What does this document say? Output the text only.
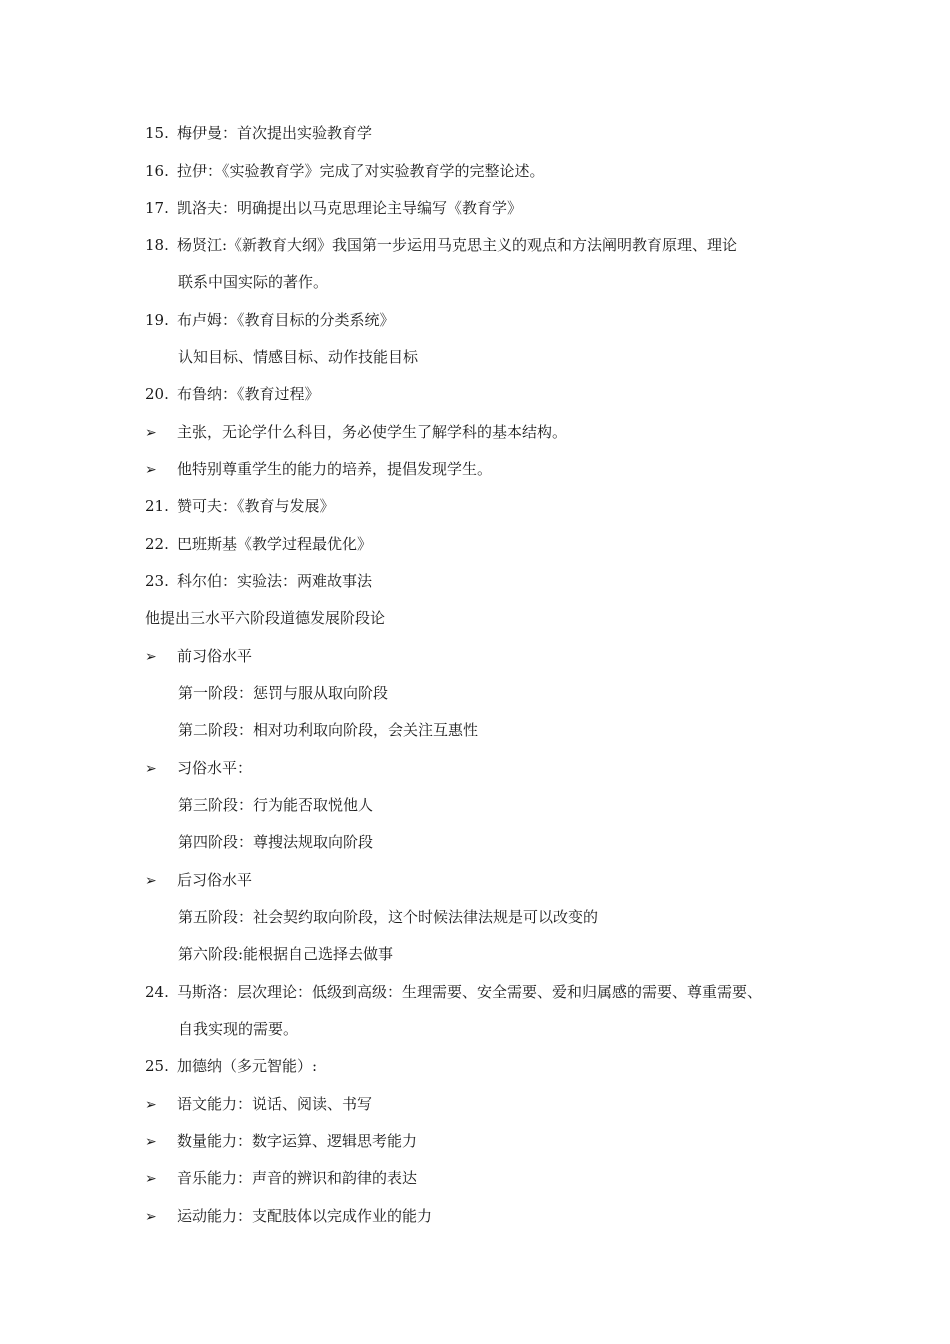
15. 梅伊曼：首次提出实验教育学
16. 拉伊：《实验教育学》完成了对实验教育学的完整论述。
17. 凯洛夫：明确提出以马克思理论主导编写《教育学》
18. 杨贤江:《新教育大纲》我国第一步运用马克思主义的观点和方法阐明教育原理、理论
联系中国实际的著作。
19. 布卢姆：《教育目标的分类系统》
认知目标、情感目标、动作技能目标
20. 布鲁纳：《教育过程》
➢ 主张，无论学什么科目，务必使学生了解学科的基本结构。
➢ 他特别尊重学生的能力的培养，提倡发现学生。
21. 赞可夫：《教育与发展》
22. 巴班斯基《教学过程最优化》
23. 科尔伯：实验法：两难故事法
他提出三水平六阶段道德发展阶段论
➢ 前习俗水平
第一阶段：惩罚与服从取向阶段
第二阶段：相对功利取向阶段，会关注互惠性
➢ 习俗水平：
第三阶段：行为能否取悦他人
第四阶段：尊搜法规取向阶段
➢ 后习俗水平
第五阶段：社会契约取向阶段，这个时候法律法规是可以改变的
第六阶段:能根据自己选择去做事
24. 马斯洛：层次理论：低级到高级：生理需要、安全需要、爱和归属感的需要、尊重需要、
自我实现的需要。
25. 加德纳（多元智能）:
➢ 语文能力：说话、阅读、书写
➢ 数量能力：数字运算、逻辑思考能力
➢ 音乐能力：声音的辨识和韵律的表达
➢ 运动能力：支配肢体以完成作业的能力
